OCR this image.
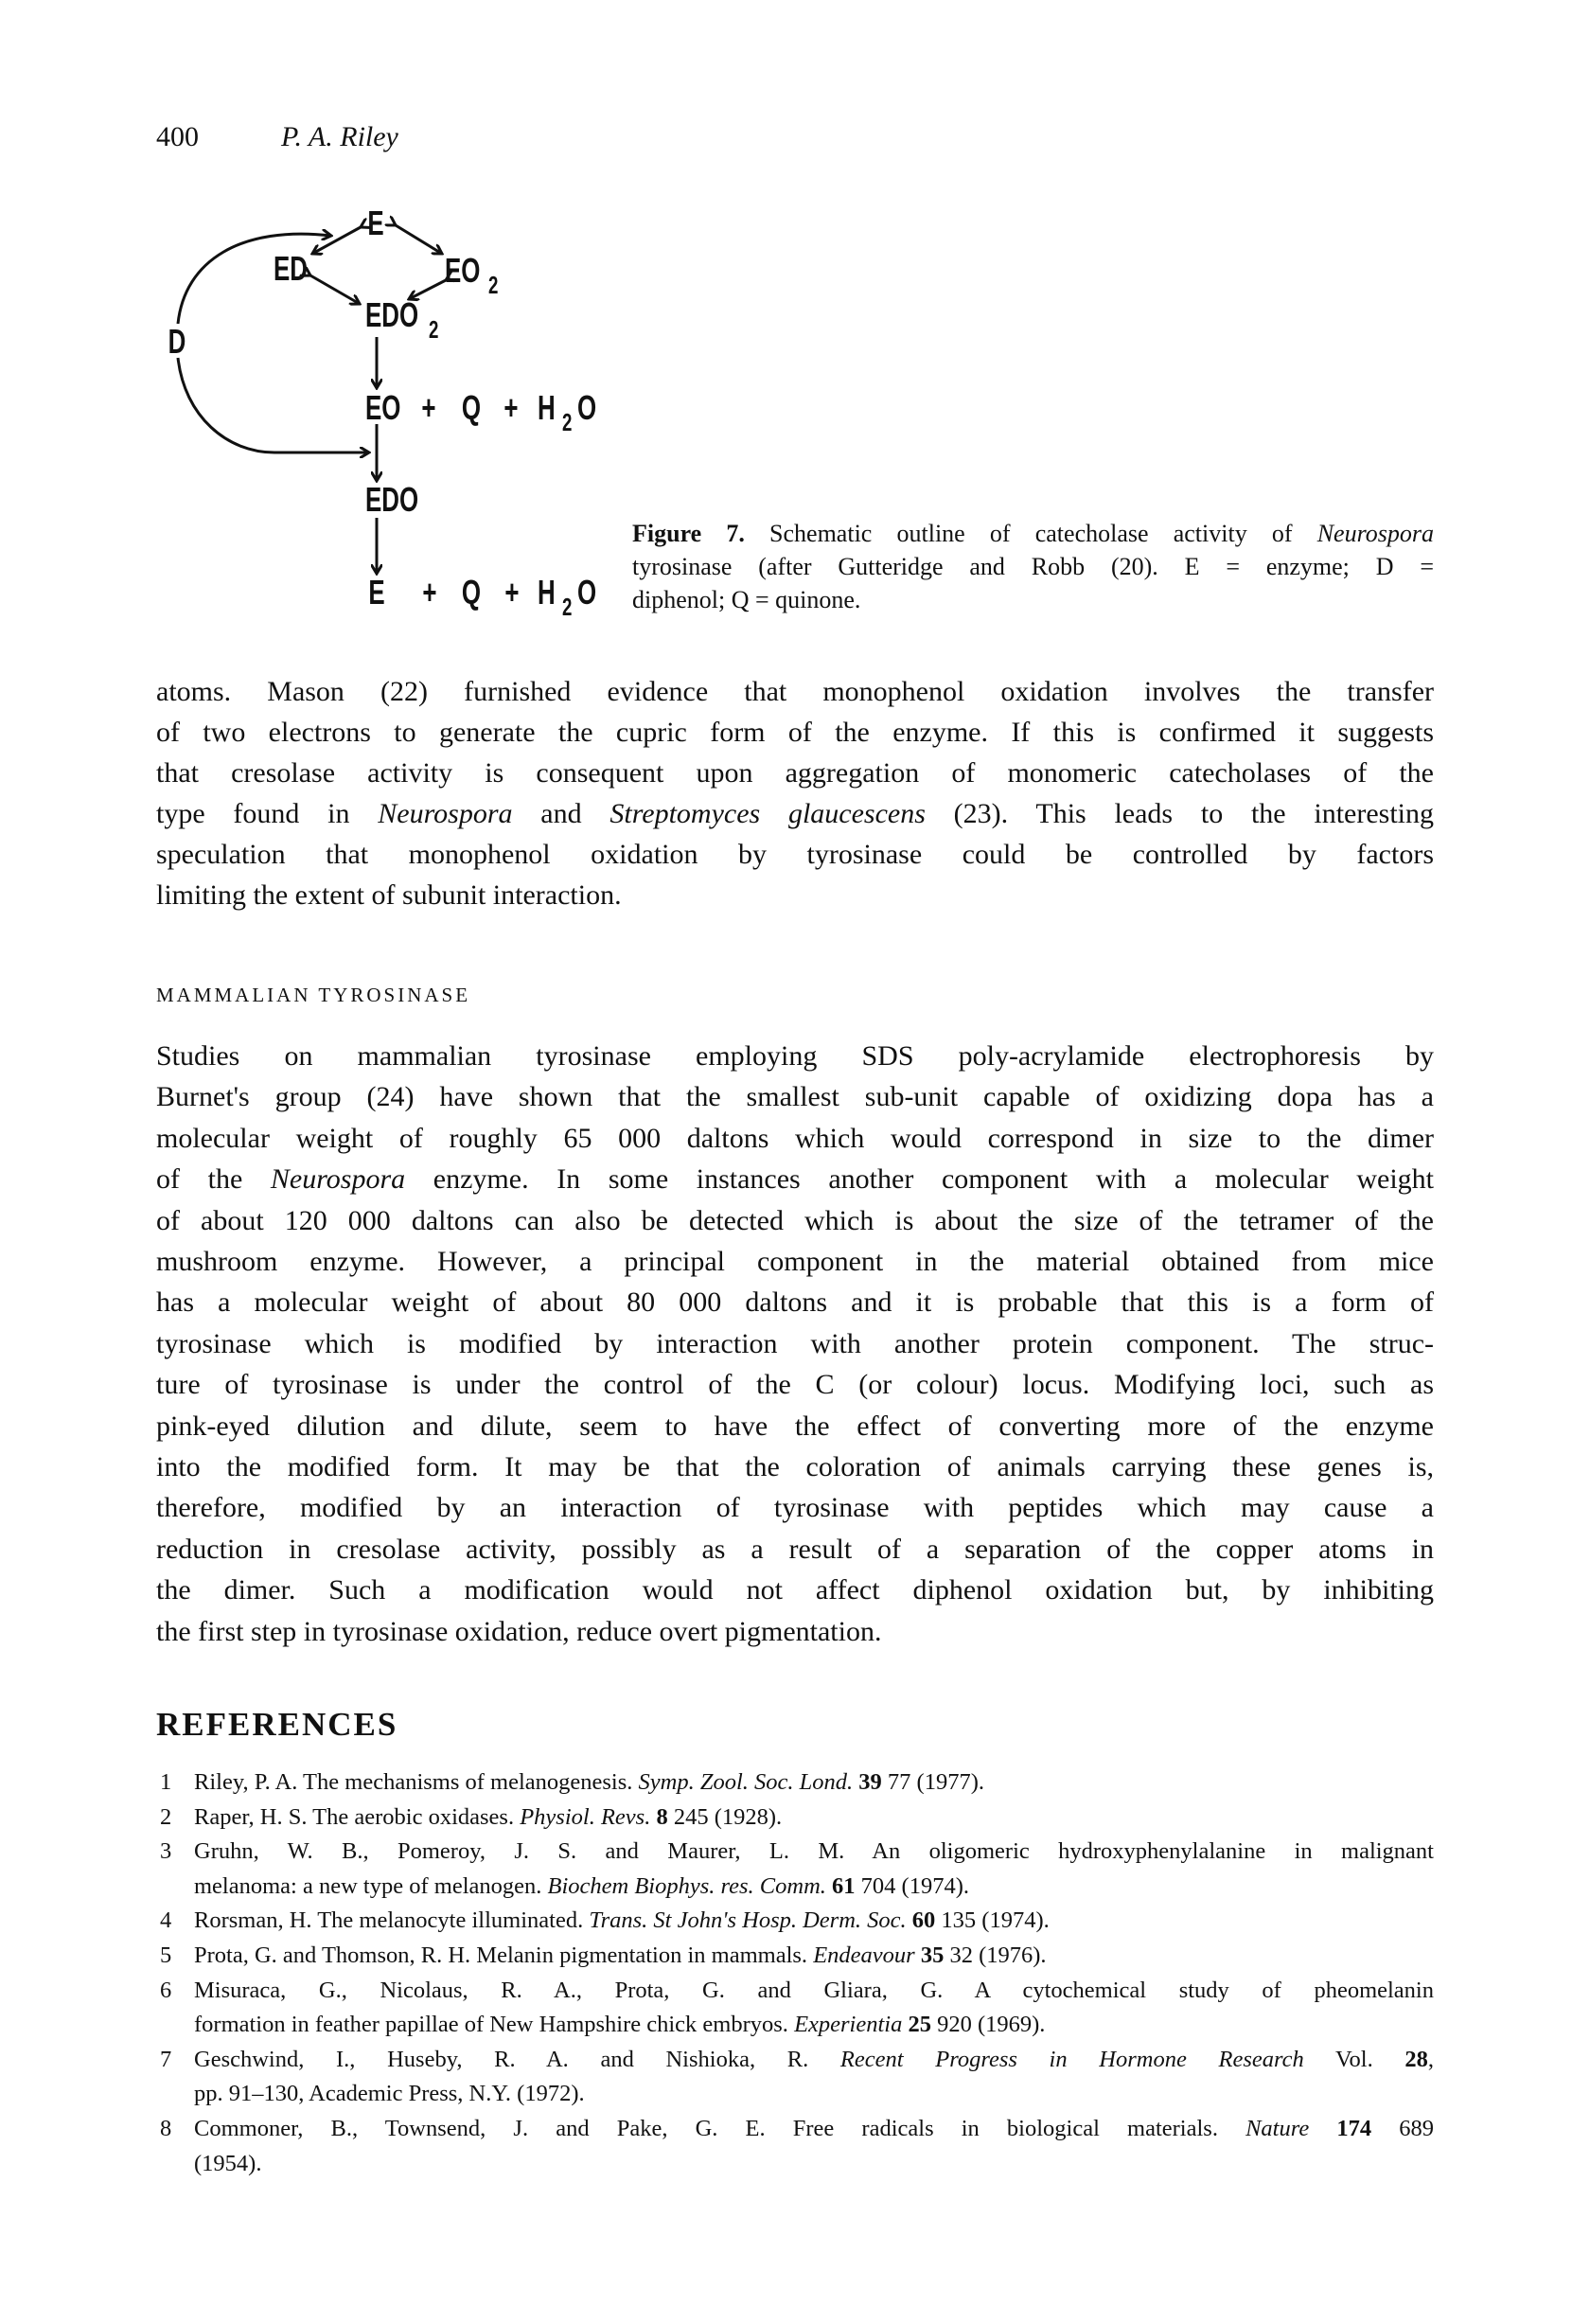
400	P. A. Riley
E
ED	EO 2
EDO 2
D
EO + Q + H 2 O
EDO
E + Q + H 2 O
Figure 7. Schematic outline of catecholase activity of Neurospora
tyrosinase (after Gutteridge and Robb (20). E = enzyme; D =
diphenol; Q = quinone.
atoms. Mason (22) furnished evidence that monophenol oxidation involves the transfer
of two electrons to generate the cupric form of the enzyme. If this is confirmed it suggests
that cresolase activity is consequent upon aggregation of monomeric catecholases of the
type found in Neurospora and Streptomyces glaucescens (23). This leads to the interesting
speculation that monophenol oxidation by tyrosinase could be controlled by factors
limiting the extent of subunit interaction.
MAMMALIAN TYROSINASE
Studies on mammalian tyrosinase employing SDS poly-acrylamide electrophoresis by
Burnet's group (24) have shown that the smallest sub-unit capable of oxidizing dopa has a
molecular weight of roughly 65 000 daltons which would correspond in size to the dimer
of the Neurospora enzyme. In some instances another component with a molecular weight
of about 120 000 daltons can also be detected which is about the size of the tetramer of the
mushroom enzyme. However, a principal component in the material obtained from mice
has a molecular weight of about 80 000 daltons and it is probable that this is a form of
tyrosinase which is modified by interaction with another protein component. The struc-
ture of tyrosinase is under the control of the C (or colour) locus. Modifying loci, such as
pink-eyed dilution and dilute, seem to have the effect of converting more of the enzyme
into the modified form. It may be that the coloration of animals carrying these genes is,
therefore, modified by an interaction of tyrosinase with peptides which may cause a
reduction in cresolase activity, possibly as a result of a separation of the copper atoms in
the dimer. Such a modification would not affect diphenol oxidation but, by inhibiting
the first step in tyrosinase oxidation, reduce overt pigmentation.
REFERENCES
1 Riley, P. A. The mechanisms of melanogenesis. Symp. Zool. Soc. Lond. 39 77 (1977).
2 Raper, H. S. The aerobic oxidases. Physiol. Revs. 8 245 (1928).
3 Gruhn, W. B., Pomeroy, J. S. and Maurer, L. M. An oligomeric hydroxyphenylalanine in malignant
melanoma: a new type of melanogen. Biochem Biophys. res. Comm. 61 704 (1974).
4 Rorsman, H. The melanocyte illuminated. Trans. St John's Hosp. Derm. Soc. 60 135 (1974).
5 Prota, G. and Thomson, R. H. Melanin pigmentation in mammals. Endeavour 35 32 (1976).
6 Misuraca, G., Nicolaus, R. A., Prota, G. and Gliara, G. A cytochemical study of pheomelanin
formation in feather papillae of New Hampshire chick embryos. Experientia 25 920 (1969).
7 Geschwind, I., Huseby, R. A. and Nishioka, R. Recent Progress in Hormone Research Vol. 28,
pp. 91–130, Academic Press, N.Y. (1972).
8 Commoner, B., Townsend, J. and Pake, G. E. Free radicals in biological materials. Nature 174 689
(1954).
